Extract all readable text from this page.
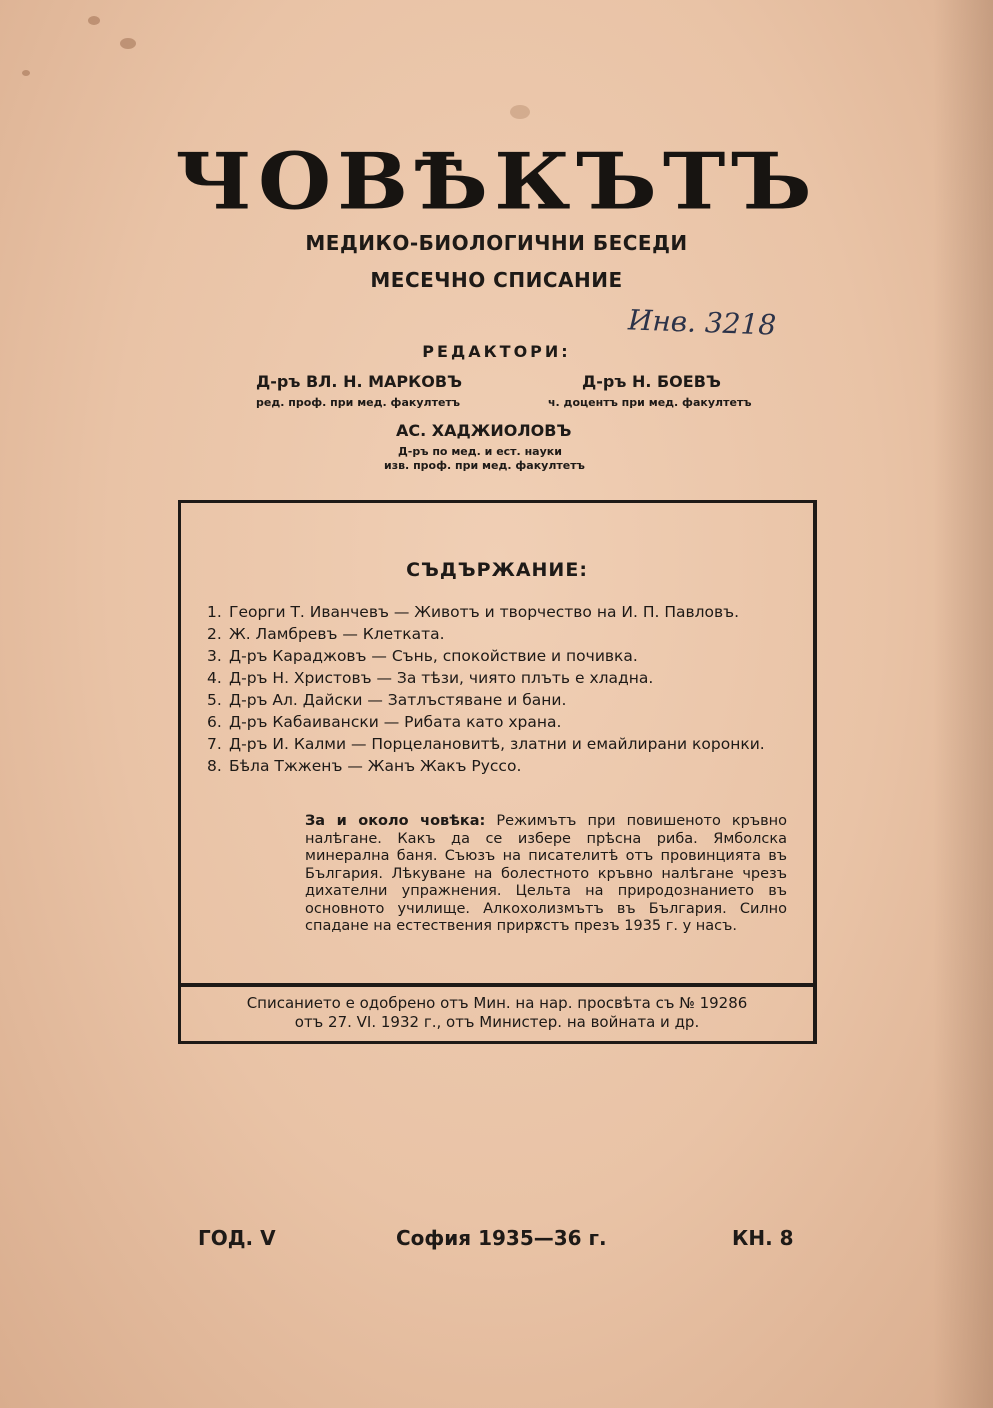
ЧОВѢКЪТЪ
МЕДИКО-БИОЛОГИЧНИ БЕСЕДИ
МЕСЕЧНО СПИСАНИЕ
Инв. 3218
РЕДАКТОРИ:
Д-ръ ВЛ. Н. МАРКОВЪ
ред. проф. при мед. факултетъ
Д-ръ Н. БОЕВЪ
ч. доцентъ при мед. факултетъ
АС. ХАДЖИОЛОВЪ
Д-ръ по мед. и ест. науки
изв. проф. при мед. факултетъ
СЪДЪРЖАНИЕ:
1. Георги Т. Иванчевъ — Животъ и творчество на И. П. Павловъ.
2. Ж. Ламбревъ — Клетката.
3. Д-ръ Караджовъ — Сънь, спокойствие и почивка.
4. Д-ръ Н. Христовъ — За тѣзи, чиято плъть е хладна.
5. Д-ръ Ал. Дайски — Затлъстяване и бани.
6. Д-ръ Кабаивански — Рибата като храна.
7. Д-ръ И. Калми — Порцелановитѣ, златни и емайлирани коронки.
8. Бѣла Тжженъ — Жанъ Жакъ Руссо.
За и около човѣка: Режимътъ при повишеното кръвно налѣгане. Какъ да се избере прѣсна риба. Ямболска минерална баня. Съюзъ на писателитѣ отъ провинцията въ България. Лѣкуване на болестното кръвно налѣгане чрезъ дихателни упражнения. Цельта на природознанието въ основното училище. Алкохолизмътъ въ България. Силно спадане на естествения прирѫстъ презъ 1935 г. у насъ.
Списанието е одобрено отъ Мин. на нар. просвѣта съ № 19286
отъ 27. VI. 1932 г., отъ Министер. на войната и др.
ГОД. V	София 1935—36 г.	КН. 8
